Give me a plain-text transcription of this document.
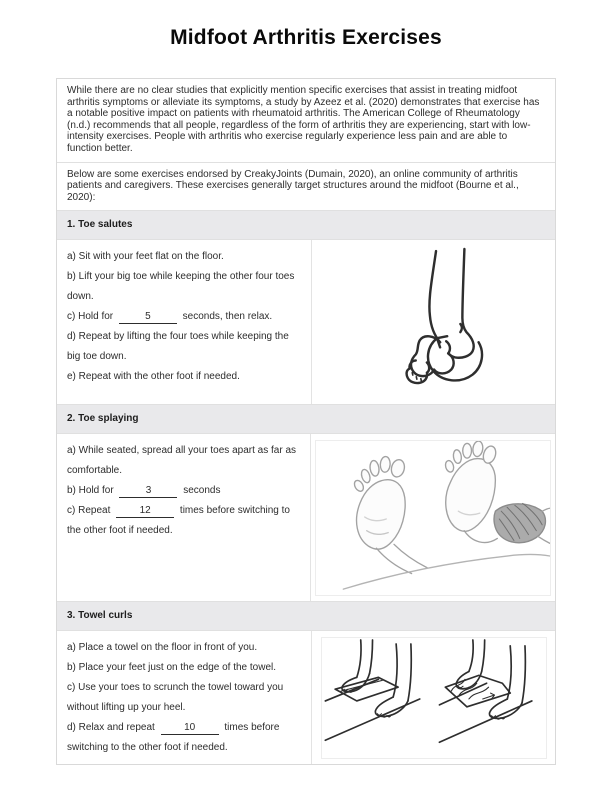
Midfoot Arthritis Exercises

While there are no clear studies that explicitly mention specific exercises that assist in treating midfoot arthritis symptoms or alleviate its symptoms, a study by Azeez et al. (2020) demonstrates that exercise has a notable positive impact on patients with rheumatoid arthritis. The American College of Rheumatology (n.d.) recommends that all people, regardless of the form of arthritis they are experiencing, start with low-intensity exercises. People with arthritis who exercise regularly experience less pain and are able to function better.

Below are some exercises endorsed by CreakyJoints (Dumain, 2020), an online community of arthritis patients and caregivers. These exercises generally target structures around the midfoot (Bourne et al., 2020):

1. Toe salutes

a) Sit with your feet flat on the floor.

b) Lift your big toe while keeping the other four toes down.

c) Hold for	5	seconds, then relax.

d) Repeat by lifting the four toes while keeping the big toe down.

e) Repeat with the other foot if needed.

2. Toe splaying

a) While seated, spread all your toes apart as far as comfortable.

b) Hold for	3	seconds

c) Repeat	12	times before switching to the other foot if needed.

3. Towel curls

a) Place a towel on the floor in front of you.

b) Place your feet just on the edge of the towel.

c) Use your toes to scrunch the towel toward you without lifting up your heel.

d) Relax and repeat	10	times before switching to the other foot if needed.
